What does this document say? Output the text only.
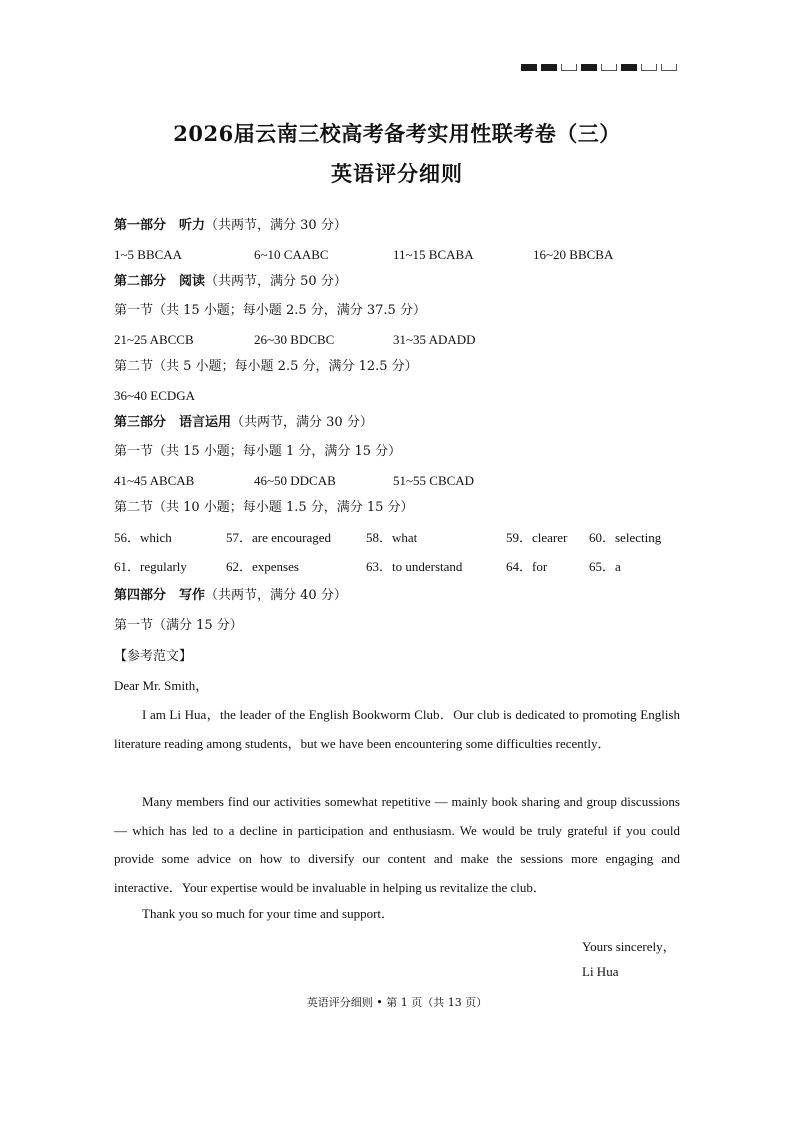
2026届云南三校高考备考实用性联考卷（三）
英语评分细则
第一部分　听力（共两节，满分 30 分）
1~5 BBCAA	6~10 CAABC	11~15 BCABA	16~20 BBCBA
第二部分　阅读（共两节，满分 50 分）
第一节（共 15 小题；每小题 2.5 分，满分 37.5 分）
21~25 ABCCB	26~30 BDCBC	31~35 ADADD
第二节（共 5 小题；每小题 2.5 分，满分 12.5 分）
36~40 ECDGA
第三部分　语言运用（共两节，满分 30 分）
第一节（共 15 小题；每小题 1 分，满分 15 分）
41~45 ABCAB	46~50 DDCAB	51~55 CBCAD
第二节（共 10 小题；每小题 1.5 分，满分 15 分）
56．which	57．are encouraged	58．what	59．clearer 60．selecting
61．regularly	62．expenses	63．to understand	64．for	65．a
第四部分　写作（共两节，满分 40 分）
第一节（满分 15 分）
【参考范文】
Dear Mr. Smith，
I am Li Hua，the leader of the English Bookworm Club．Our club is dedicated to promoting English literature reading among students，but we have been encountering some difficulties recently．
Many members find our activities somewhat repetitive — mainly book sharing and group discussions — which has led to a decline in participation and enthusiasm. We would be truly grateful if you could provide some advice on how to diversify our content and make the sessions more engaging and interactive．Your expertise would be invaluable in helping us revitalize the club．
Thank you so much for your time and support．
Yours sincerely，
Li Hua
英语评分细则 • 第 1 页（共 13 页）
